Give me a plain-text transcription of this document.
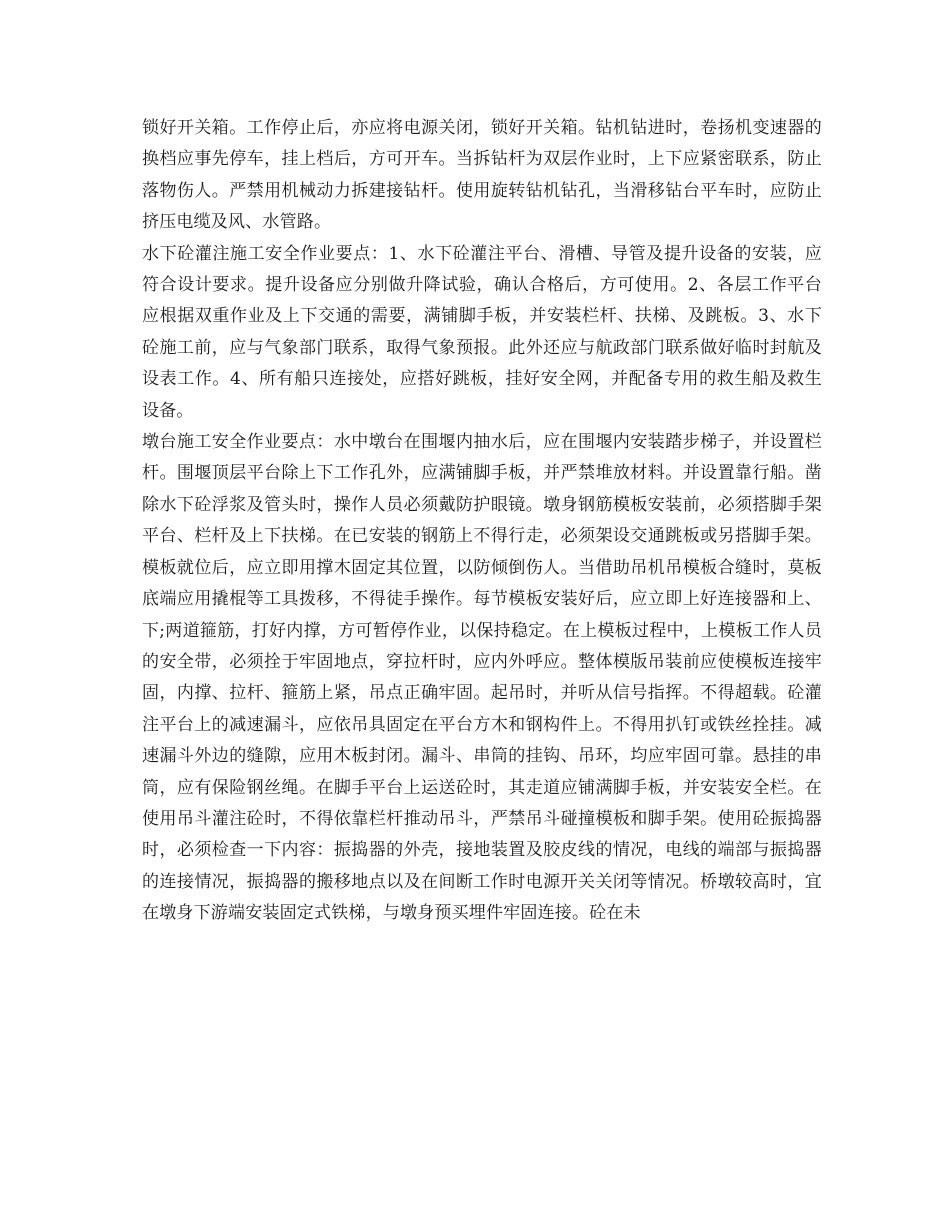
锁好开关箱。工作停止后，亦应将电源关闭，锁好开关箱。钻机钻进时，卷扬机变速器的换档应事先停车，挂上档后，方可开车。当拆钻杆为双层作业时，上下应紧密联系，防止落物伤人。严禁用机械动力拆建接钻杆。使用旋转钻机钻孔，当滑移钻台平车时，应防止挤压电缆及风、水管路。

水下砼灌注施工安全作业要点：1、水下砼灌注平台、滑槽、导管及提升设备的安装，应符合设计要求。提升设备应分别做升降试验，确认合格后，方可使用。2、各层工作平台应根据双重作业及上下交通的需要，满铺脚手板，并安装栏杆、扶梯、及跳板。3、水下砼施工前，应与气象部门联系，取得气象预报。此外还应与航政部门联系做好临时封航及设表工作。4、所有船只连接处，应搭好跳板，挂好安全网，并配备专用的救生船及救生设备。

墩台施工安全作业要点：水中墩台在围堰内抽水后，应在围堰内安装踏步梯子，并设置栏杆。围堰顶层平台除上下工作孔外，应满铺脚手板，并严禁堆放材料。并设置靠行船。凿除水下砼浮浆及管头时，操作人员必须戴防护眼镜。墩身钢筋模板安装前，必须搭脚手架平台、栏杆及上下扶梯。在已安装的钢筋上不得行走，必须架设交通跳板或另搭脚手架。模板就位后，应立即用撑木固定其位置，以防倾倒伤人。当借助吊机吊模板合缝时，莫板底端应用撬棍等工具拨移，不得徒手操作。每节模板安装好后，应立即上好连接器和上、下;两道箍筋，打好内撑，方可暂停作业，以保持稳定。在上模板过程中，上模板工作人员的安全带，必须拴于牢固地点，穿拉杆时，应内外呼应。整体模版吊装前应使模板连接牢固，内撑、拉杆、箍筋上紧，吊点正确牢固。起吊时，并听从信号指挥。不得超载。砼灌注平台上的减速漏斗，应依吊具固定在平台方木和钢构件上。不得用扒钉或铁丝拴挂。减速漏斗外边的缝隙，应用木板封闭。漏斗、串筒的挂钩、吊环，均应牢固可靠。悬挂的串筒，应有保险钢丝绳。在脚手平台上运送砼时，其走道应铺满脚手板，并安装安全栏。在使用吊斗灌注砼时，不得依靠栏杆推动吊斗，严禁吊斗碰撞模板和脚手架。使用砼振捣器时，必须检查一下内容：振捣器的外壳，接地装置及胶皮线的情况，电线的端部与振捣器的连接情况，振捣器的搬移地点以及在间断工作时电源开关关闭等情况。桥墩较高时，宜在墩身下游端安装固定式铁梯，与墩身预买埋件牢固连接。砼在未
